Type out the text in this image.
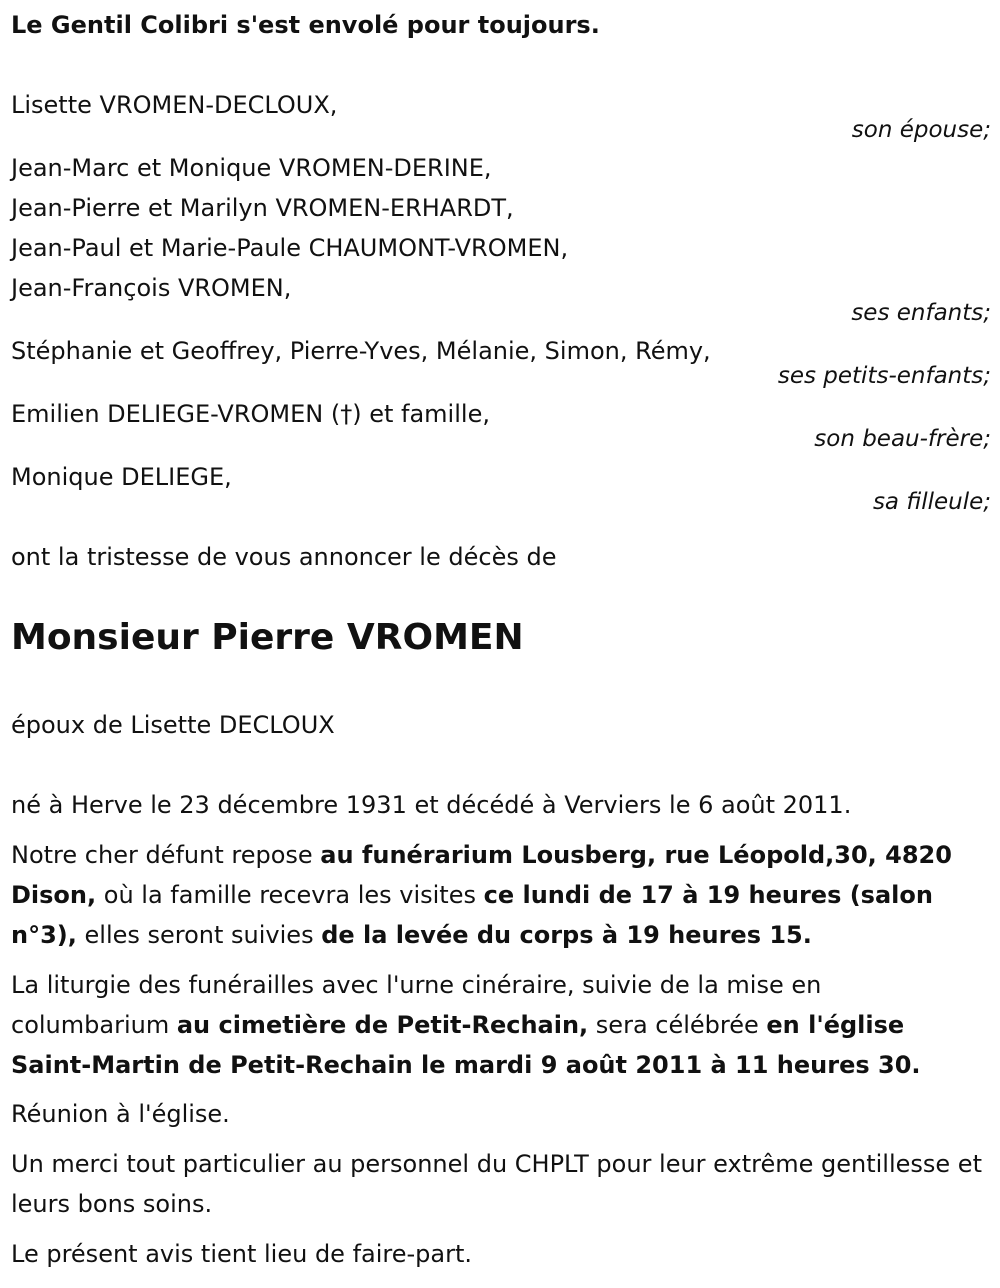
Le Gentil Colibri s'est envolé pour toujours.
Lisette VROMEN-DECLOUX,
son épouse;
Jean-Marc et Monique VROMEN-DERINE,
Jean-Pierre et Marilyn VROMEN-ERHARDT,
Jean-Paul et Marie-Paule CHAUMONT-VROMEN,
Jean-François VROMEN,
ses enfants;
Stéphanie et Geoffrey, Pierre-Yves, Mélanie, Simon, Rémy,
ses petits-enfants;
Emilien DELIEGE-VROMEN (†) et famille,
son beau-frère;
Monique DELIEGE,
sa filleule;
ont la tristesse de vous annoncer le décès de
Monsieur Pierre VROMEN
époux de Lisette DECLOUX
né à Herve le 23 décembre 1931 et décédé à Verviers le 6 août 2011.
Notre cher défunt repose au funérarium Lousberg, rue Léopold,30, 4820 Dison, où la famille recevra les visites ce lundi de 17 à 19 heures (salon n°3), elles seront suivies de la levée du corps à 19 heures 15.
La liturgie des funérailles avec l'urne cinéraire, suivie de la mise en columbarium au cimetière de Petit-Rechain, sera célébrée en l'église Saint-Martin de Petit-Rechain le mardi 9 août 2011 à 11 heures 30.
Réunion à l'église.
Un merci tout particulier au personnel du CHPLT pour leur extrême gentillesse et leurs bons soins.
Le présent avis tient lieu de faire-part.
